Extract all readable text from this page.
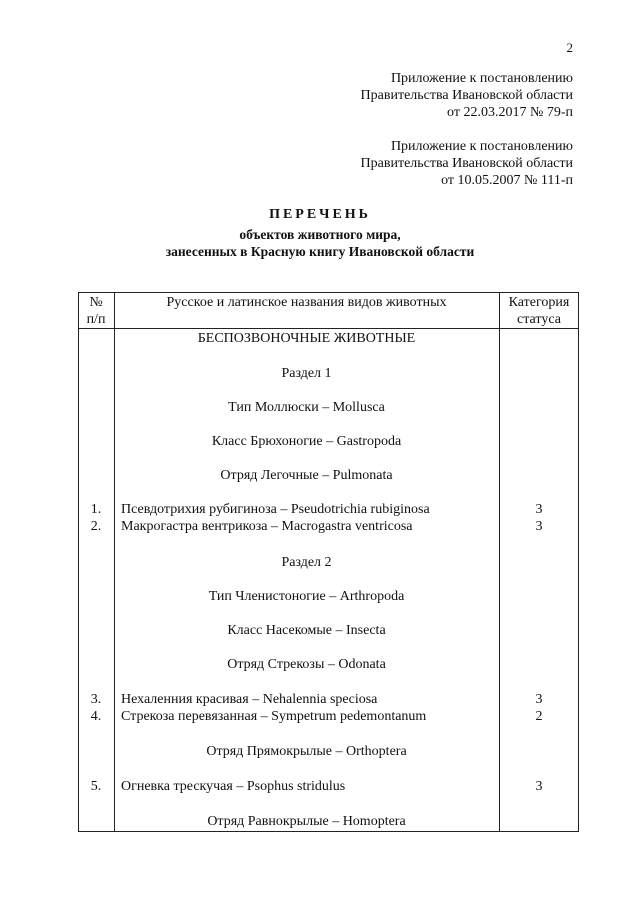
2
Приложение к постановлению
Правительства Ивановской области
от 22.03.2017 № 79-п
Приложение к постановлению
Правительства Ивановской области
от 10.05.2007 № 111-п
ПЕРЕЧЕНЬ
объектов животного мира,
занесенных в Красную книгу Ивановской области
№
п/п
Русское и латинское названия видов животных	Категория
статуса
БЕСПОЗВОНОЧНЫЕ ЖИВОТНЫЕ
Раздел 1
Тип Моллюски – Mollusca
Класс Брюхоногие – Gastropoda
Отряд Легочные – Pulmonata
1.	Псевдотрихия рубигиноза – Pseudotrichia rubiginosa	3
2.	Макрогастра вентрикоза – Macrogastra ventricosa	3
Раздел 2
Тип Членистоногие – Arthropoda
Класс Насекомые – Insecta
Отряд Стрекозы – Odonata
3.	Нехаленния красивая – Nehalennia speciosa	3
4.	Стрекоза перевязанная – Sympetrum pedemontanum	2
Отряд Прямокрылые – Orthoptera
5.	Огневка трескучая – Psophus stridulus	3
Отряд Равнокрылые – Homoptera
